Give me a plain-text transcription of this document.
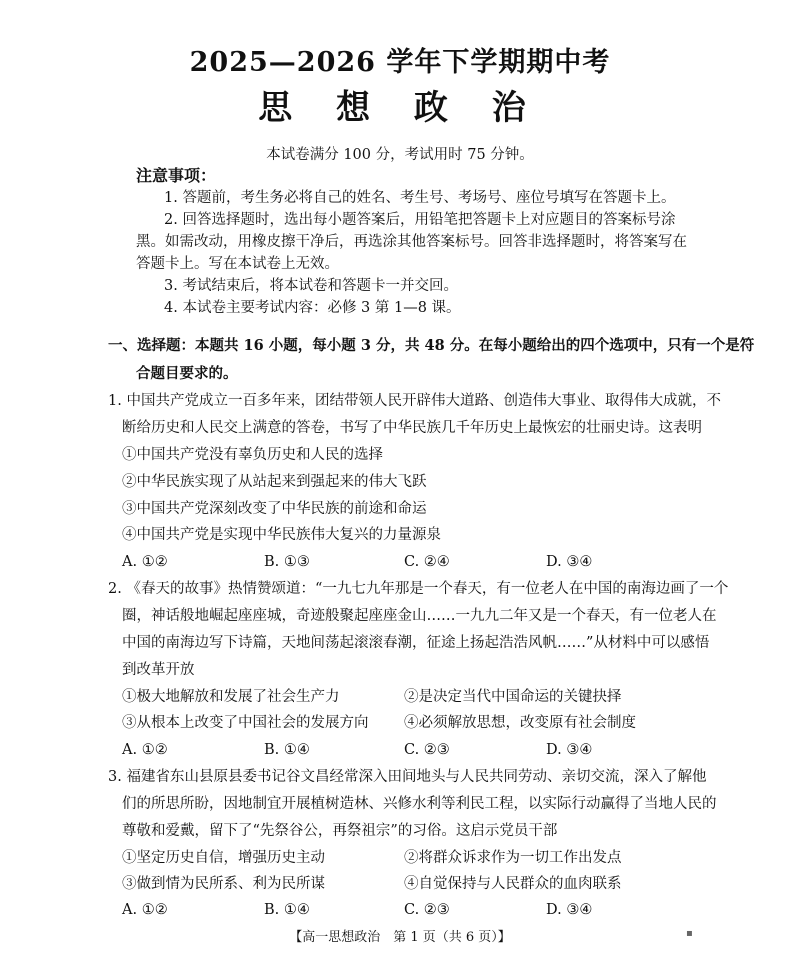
2025—2026 学年下学期期中考
思 想 政 治
本试卷满分 100 分，考试用时 75 分钟。
注意事项：
1. 答题前，考生务必将自己的姓名、考生号、考场号、座位号填写在答题卡上。
2. 回答选择题时，选出每小题答案后，用铅笔把答题卡上对应题目的答案标号涂
黑。如需改动，用橡皮擦干净后，再选涂其他答案标号。回答非选择题时，将答案写在
答题卡上。写在本试卷上无效。
3. 考试结束后，将本试卷和答题卡一并交回。
4. 本试卷主要考试内容：必修 3 第 1—8 课。
一、选择题：本题共 16 小题，每小题 3 分，共 48 分。在每小题给出的四个选项中，只有一个是符
合题目要求的。
1. 中国共产党成立一百多年来，团结带领人民开辟伟大道路、创造伟大事业、取得伟大成就，不
断给历史和人民交上满意的答卷，书写了中华民族几千年历史上最恢宏的壮丽史诗。这表明
①中国共产党没有辜负历史和人民的选择
②中华民族实现了从站起来到强起来的伟大飞跃
③中国共产党深刻改变了中华民族的前途和命运
④中国共产党是实现中华民族伟大复兴的力量源泉
A. ①②	B. ①③	C. ②④	D. ③④
2. 《春天的故事》热情赞颂道：“一九七九年那是一个春天，有一位老人在中国的南海边画了一个
圈，神话般地崛起座座城，奇迹般聚起座座金山……一九九二年又是一个春天，有一位老人在
中国的南海边写下诗篇，天地间荡起滚滚春潮，征途上扬起浩浩风帆……”从材料中可以感悟
到改革开放
①极大地解放和发展了社会生产力	②是决定当代中国命运的关键抉择
③从根本上改变了中国社会的发展方向 ④必须解放思想，改变原有社会制度
A. ①②	B. ①④	C. ②③	D. ③④
3. 福建省东山县原县委书记谷文昌经常深入田间地头与人民共同劳动、亲切交流，深入了解他
们的所思所盼，因地制宜开展植树造林、兴修水利等利民工程，以实际行动赢得了当地人民的
尊敬和爱戴，留下了“先祭谷公，再祭祖宗”的习俗。这启示党员干部
①坚定历史自信，增强历史主动	②将群众诉求作为一切工作出发点
③做到情为民所系、利为民所谋	④自觉保持与人民群众的血肉联系
A. ①②	B. ①④	C. ②③	D. ③④
【高一思想政治　第 1 页（共 6 页）】	▪
